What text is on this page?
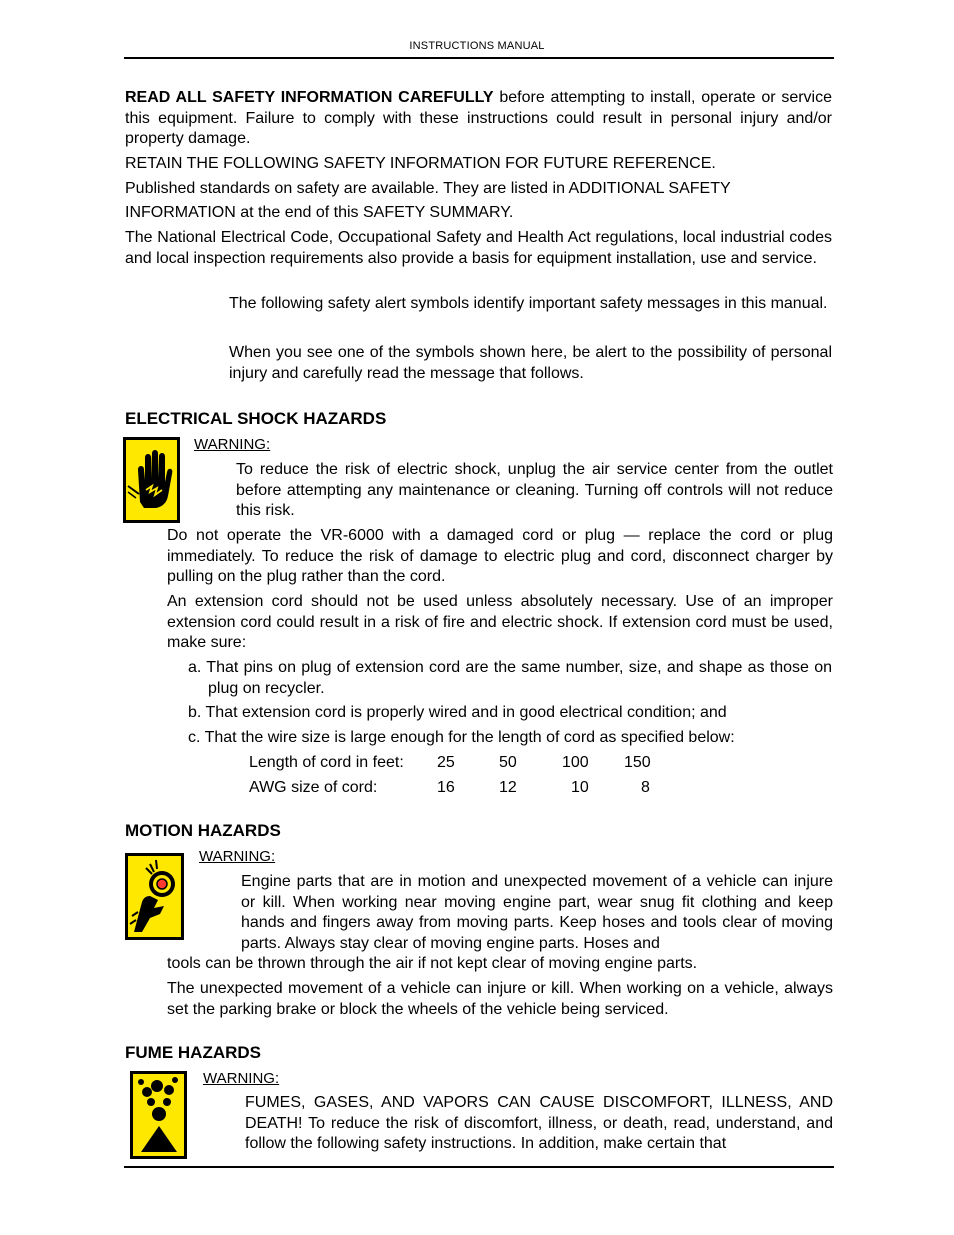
INSTRUCTIONS MANUAL

READ ALL SAFETY INFORMATION CAREFULLY before attempting to install, operate or service this equipment. Failure to comply with these instructions could result in personal injury and/or property damage.

RETAIN THE FOLLOWING SAFETY INFORMATION FOR FUTURE REFERENCE.

Published standards on safety are available. They are listed in ADDITIONAL SAFETY

INFORMATION at the end of this SAFETY SUMMARY.

The National Electrical Code, Occupational Safety and Health Act regulations, local industrial codes and local inspection requirements also provide a basis for equipment installation, use and service.

The following safety alert symbols identify important safety messages in this manual.

When you see one of the symbols shown here, be alert to the possibility of personal injury and carefully read the message that follows.

ELECTRICAL SHOCK HAZARDS
WARNING:

To reduce the risk of electric shock, unplug the air service center from the outlet before attempting any maintenance or cleaning. Turning off controls will not reduce this risk.

Do not operate the VR-6000 with a damaged cord or plug — replace the cord or plug immediately. To reduce the risk of damage to electric plug and cord, disconnect charger by pulling on the plug rather than the cord.

An extension cord should not be used unless absolutely necessary. Use of an improper extension cord could result in a risk of fire and electric shock. If extension cord must be used, make sure:

a. That pins on plug of extension cord are the same number, size, and shape as those on plug on recycler.

b. That extension cord is properly wired and in good electrical condition; and

c. That the wire size is large enough for the length of cord as specified below:

Length of cord in feet: 25	50	100 150
AWG size of cord:	16	12	10	8
MOTION HAZARDS
WARNING:

Engine parts that are in motion and unexpected movement of a vehicle can injure or kill. When working near moving engine part, wear snug fit clothing and keep hands and fingers away from moving parts. Keep hoses and tools clear of moving parts. Always stay clear of moving engine parts. Hoses and

tools can be thrown through the air if not kept clear of moving engine parts.

The unexpected movement of a vehicle can injure or kill. When working on a vehicle, always set the parking brake or block the wheels of the vehicle being serviced.

FUME HAZARDS
WARNING:

FUMES, GASES, AND VAPORS CAN CAUSE DISCOMFORT, ILLNESS, AND DEATH! To reduce the risk of discomfort, illness, or death, read, understand, and follow the following safety instructions. In addition, make certain that
